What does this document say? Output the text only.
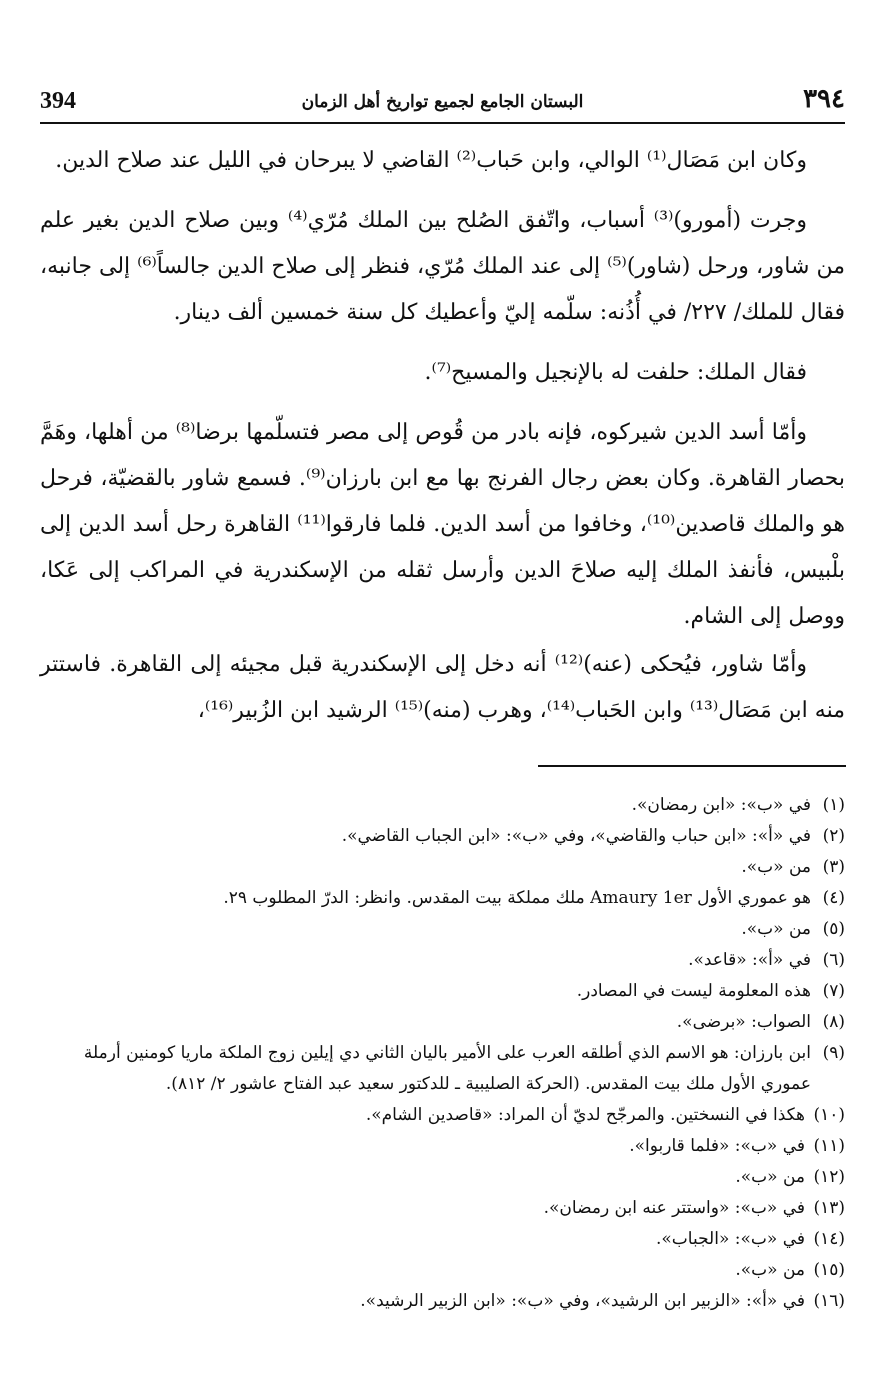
394	البستان الجامع لجميع تواريخ أهل الزمان	٣٩٤

وكان ابن مَصَال⁽¹⁾ الوالي، وابن حَباب⁽²⁾ القاضي لا يبرحان في الليل عند صلاح الدين.

وجرت (أمورو)⁽³⁾ أسباب، واتّفق الصُلح بين الملك مُرّي⁽⁴⁾ وبين صلاح الدين بغير علم من شاور، ورحل (شاور)⁽⁵⁾ إلى عند الملك مُرّي، فنظر إلى صلاح الدين جالساً⁽⁶⁾ إلى جانبه، فقال للملك/ ٢٢٧/ في أُذُنه: سلّمه إليّ وأعطيك كل سنة خمسين ألف دينار.

فقال الملك: حلفت له بالإنجيل والمسيح⁽⁷⁾.

وأمّا أسد الدين شيركوه، فإنه بادر من قُوص إلى مصر فتسلّمها برضا⁽⁸⁾ من أهلها، وهَمَّ بحصار القاهرة. وكان بعض رجال الفرنج بها مع ابن بارزان⁽⁹⁾. فسمع شاور بالقضيّة، فرحل هو والملك قاصدين⁽¹⁰⁾، وخافوا من أسد الدين. فلما فارقوا⁽¹¹⁾ القاهرة رحل أسد الدين إلى بلْبيس، فأنفذ الملك إليه صلاحَ الدين وأرسل ثقله من الإسكندرية في المراكب إلى عَكا، ووصل إلى الشام.

وأمّا شاور، فيُحكى (عنه)⁽¹²⁾ أنه دخل إلى الإسكندرية قبل مجيئه إلى القاهرة. فاستتر منه ابن مَصَال⁽¹³⁾ وابن الحَباب⁽¹⁴⁾، وهرب (منه)⁽¹⁵⁾ الرشيد ابن الزُبير⁽¹⁶⁾،

(١)
في «ب»: «ابن رمضان».
(٢)
في «أ»: «ابن حباب والقاضي»، وفي «ب»: «ابن الجباب القاضي».
(٣)
من «ب».
(٤)
هو عموري الأول Amaury 1er ملك مملكة بيت المقدس. وانظر: الدرّ المطلوب ٢٩.
(٥)
من «ب».
(٦)
في «أ»: «قاعد».
(٧)
هذه المعلومة ليست في المصادر.
(٨)
الصواب: «برضى».
(٩)
ابن بارزان: هو الاسم الذي أطلقه العرب على الأمير باليان الثاني دي إيلين زوج الملكة ماريا كومنين أرملة عموري الأول ملك بيت المقدس. (الحركة الصليبية ـ للدكتور سعيد عبد الفتاح عاشور ٢/ ٨١٢).
(١٠)
هكذا في النسختين. والمرجّح لديّ أن المراد: «قاصدين الشام».
(١١)
في «ب»: «فلما قاربوا».
(١٢)
من «ب».
(١٣)
في «ب»: «واستتر عنه ابن رمضان».
(١٤)
في «ب»: «الجباب».
(١٥)
من «ب».
(١٦)
في «أ»: «الزبير ابن الرشيد»، وفي «ب»: «ابن الزبير الرشيد».
